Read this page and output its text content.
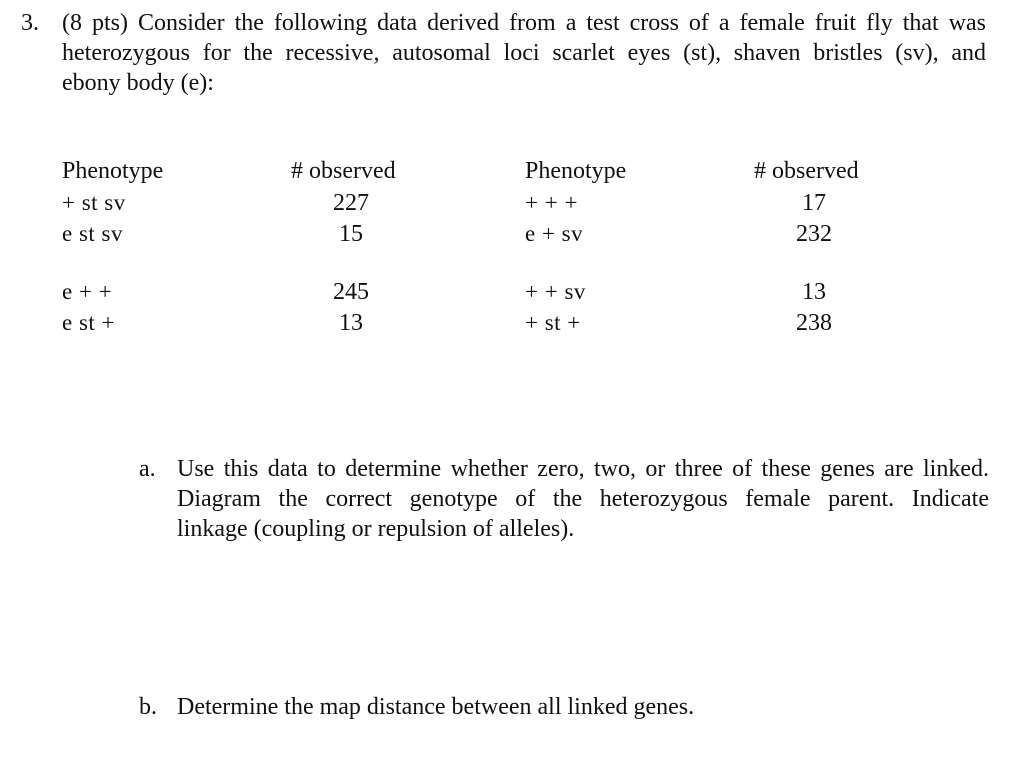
3. (8 pts) Consider the following data derived from a test cross of a female fruit fly that was
heterozygous for the recessive, autosomal loci scarlet eyes (st), shaven bristles (sv), and
ebony body (e):
Phenotype	# observed	Phenotype	# observed
+ st sv	227	+ + +	17
e st sv	15	e + sv	232
e + +	245	+ + sv	13
e st +	13	+ st +	238
a. Use this data to determine whether zero, two, or three of these genes are linked.
Diagram the correct genotype of the heterozygous female parent. Indicate
linkage (coupling or repulsion of alleles).
b. Determine the map distance between all linked genes.
